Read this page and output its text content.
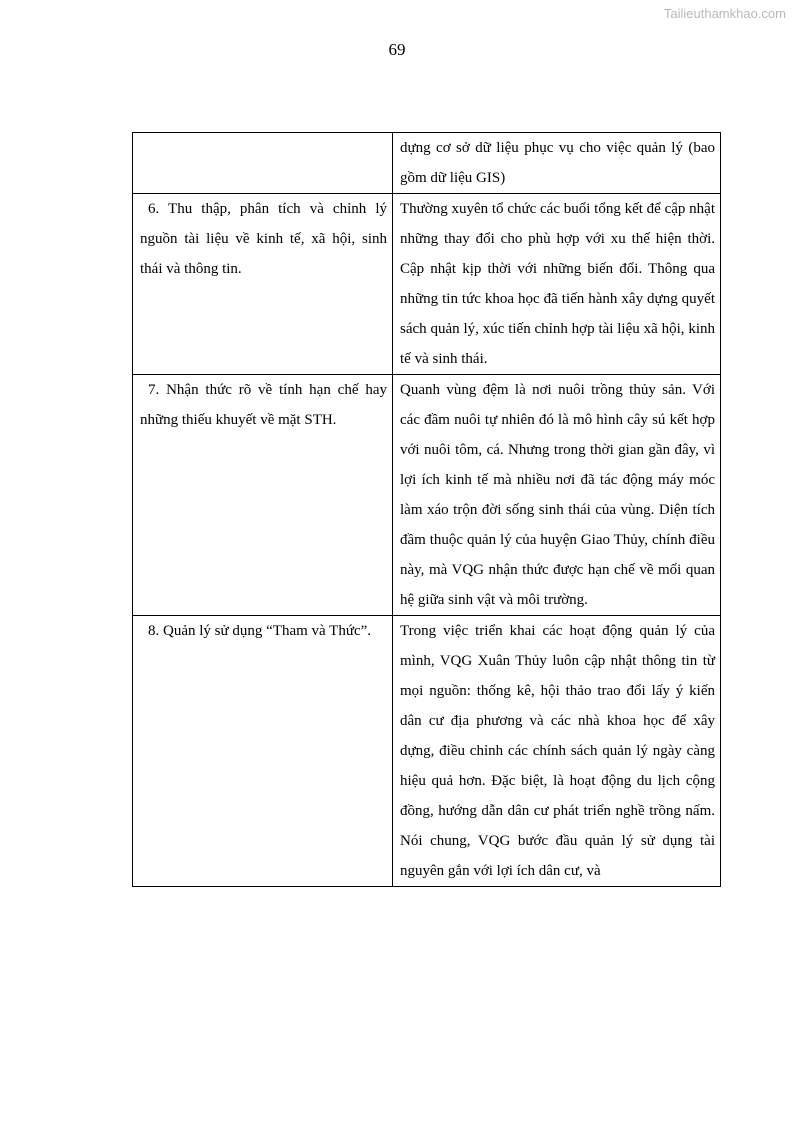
Tailieuthamkhao.com
69
	dựng cơ sở dữ liệu phục vụ cho việc quản lý (bao gồm dữ liệu GIS)

6. Thu thập, phân tích và chỉnh lý nguồn tài liệu về kinh tế, xã hội, sinh thái và thông tin.	Thường xuyên tổ chức các buổi tổng kết để cập nhật những thay đổi cho phù hợp với xu thế hiện thời. Cập nhật kịp thời với những biến đổi. Thông qua những tin tức khoa học đã tiến hành xây dựng quyết sách quản lý, xúc tiến chỉnh hợp tài liệu xã hội, kinh tế và sinh thái.

7. Nhận thức rõ về tính hạn chế hay những thiếu khuyết về mặt STH.	Quanh vùng đệm là nơi nuôi trồng thủy sản. Với các đầm nuôi tự nhiên đó là mô hình cây sú kết hợp với nuôi tôm, cá. Nhưng trong thời gian gần đây, vì lợi ích kinh tế mà nhiều nơi đã tác động máy móc làm xáo trộn đời sống sinh thái của vùng. Diện tích đầm thuộc quản lý của huyện Giao Thủy, chính điều này, mà VQG nhận thức được hạn chế về mối quan hệ giữa sinh vật và môi trường.

8. Quản lý sử dụng “Tham và Thức”.	Trong việc triển khai các hoạt động quản lý của mình, VQG Xuân Thủy luôn cập nhật thông tin từ mọi nguồn: thống kê, hội thảo trao đổi lấy ý kiến dân cư địa phương và các nhà khoa học để xây dựng, điều chỉnh các chính sách quản lý ngày càng hiệu quả hơn. Đặc biệt, là hoạt động du lịch cộng đồng, hướng dẫn dân cư phát triển nghề trồng nấm. Nói chung, VQG bước đầu quản lý sử dụng tài nguyên gắn với lợi ích dân cư, và
